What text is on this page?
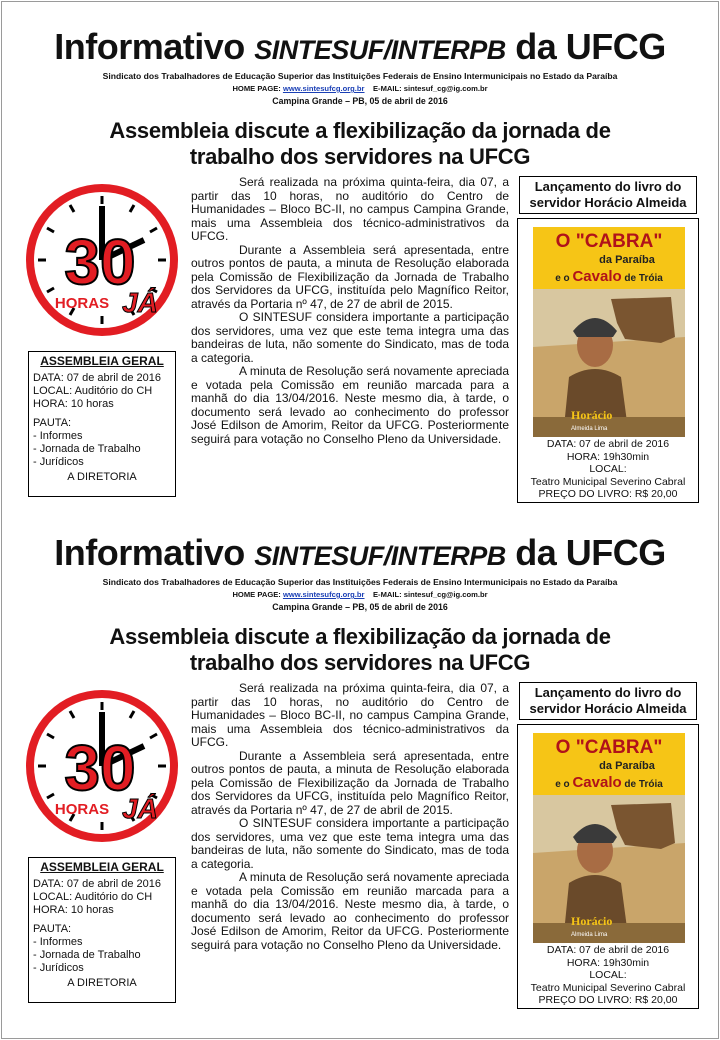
Informativo SINTESUF/INTERPB da UFCG
Sindicato dos Trabalhadores de Educação Superior das Instituições Federais de Ensino Intermunicipais no Estado da Paraíba
HOME PAGE: www.sintesufcg.org.br E-MAIL: sintesuf_cg@ig.com.br
Campina Grande – PB, 05 de abril de 2016
Assembleia discute a flexibilização da jornada de
trabalho dos servidores na UFCG
30
HORAS JÁ
ASSEMBLEIA GERAL
DATA: 07 de abril de 2016
LOCAL: Auditório do CH
HORA: 10 horas
PAUTA:
- Informes
- Jornada de Trabalho
- Jurídicos
A DIRETORIA

Será realizada na próxima quinta-feira, dia 07, a partir das 10 horas, no auditório do Centro de Humanidades – Bloco BC-II, no campus Campina Grande, mais uma Assembleia dos técnico-administrativos da UFCG.

Durante a Assembleia será apresentada, entre outros pontos de pauta, a minuta de Resolução elaborada pela Comissão de Flexibilização da Jornada de Trabalho dos Servidores da UFCG, instituída pelo Magnífico Reitor, através da Portaria nº 47, de 27 de abril de 2015.

O SINTESUF considera importante a participação dos servidores, uma vez que este tema integra uma das bandeiras de luta, não somente do Sindicato, mas de toda a categoria.

A minuta de Resolução será novamente apreciada e votada pela Comissão em reunião marcada para a manhã do dia 13/04/2016. Neste mesmo dia, à tarde, o documento será levado ao conhecimento do professor José Edilson de Amorim, Reitor da UFCG. Posteriormente seguirá para votação no Conselho Pleno da Universidade.

Lançamento do livro do servidor Horácio Almeida
O "CABRA"
da Paraíba
e o Cavalo de Tróia
Horácio
Almeida Lima
DATA: 07 de abril de 2016
HORA: 19h30min
LOCAL:
Teatro Municipal Severino Cabral
PREÇO DO LIVRO: R$ 20,00
Informativo SINTESUF/INTERPB da UFCG
Sindicato dos Trabalhadores de Educação Superior das Instituições Federais de Ensino Intermunicipais no Estado da Paraíba
HOME PAGE: www.sintesufcg.org.br E-MAIL: sintesuf_cg@ig.com.br
Campina Grande – PB, 05 de abril de 2016
Assembleia discute a flexibilização da jornada de
trabalho dos servidores na UFCG
30
HORAS JÁ
ASSEMBLEIA GERAL
DATA: 07 de abril de 2016
LOCAL: Auditório do CH
HORA: 10 horas
PAUTA:
- Informes
- Jornada de Trabalho
- Jurídicos
A DIRETORIA

Será realizada na próxima quinta-feira, dia 07, a partir das 10 horas, no auditório do Centro de Humanidades – Bloco BC-II, no campus Campina Grande, mais uma Assembleia dos técnico-administrativos da UFCG.

Durante a Assembleia será apresentada, entre outros pontos de pauta, a minuta de Resolução elaborada pela Comissão de Flexibilização da Jornada de Trabalho dos Servidores da UFCG, instituída pelo Magnífico Reitor, através da Portaria nº 47, de 27 de abril de 2015.

O SINTESUF considera importante a participação dos servidores, uma vez que este tema integra uma das bandeiras de luta, não somente do Sindicato, mas de toda a categoria.

A minuta de Resolução será novamente apreciada e votada pela Comissão em reunião marcada para a manhã do dia 13/04/2016. Neste mesmo dia, à tarde, o documento será levado ao conhecimento do professor José Edilson de Amorim, Reitor da UFCG. Posteriormente seguirá para votação no Conselho Pleno da Universidade.

Lançamento do livro do servidor Horácio Almeida
O "CABRA"
da Paraíba
e o Cavalo de Tróia
Horácio
Almeida Lima
DATA: 07 de abril de 2016
HORA: 19h30min
LOCAL:
Teatro Municipal Severino Cabral
PREÇO DO LIVRO: R$ 20,00
